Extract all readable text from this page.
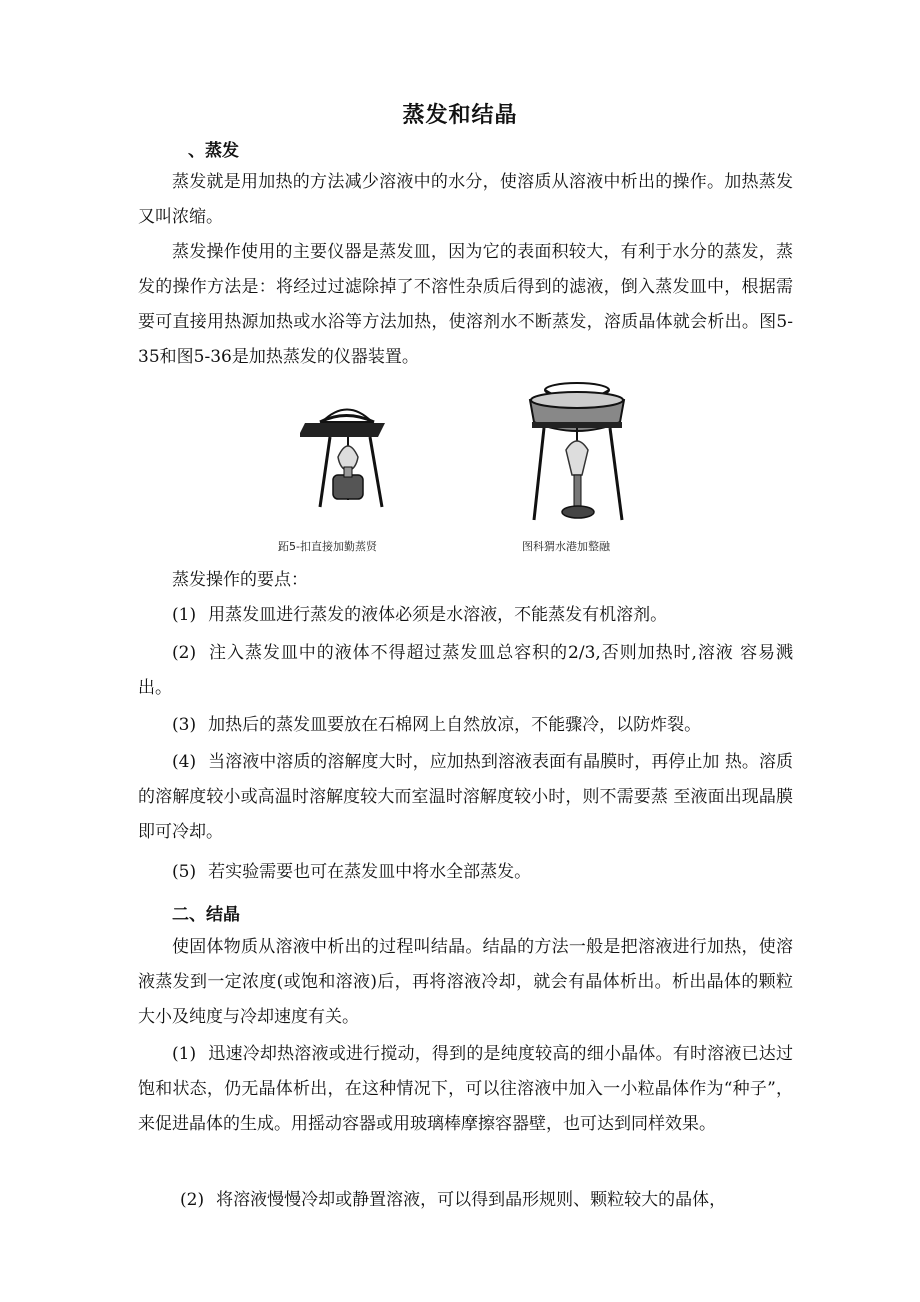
蒸发和结晶
、蒸发

蒸发就是用加热的方法减少溶液中的水分，使溶质从溶液中析出的操作。加热蒸发又叫浓缩。

蒸发操作使用的主要仪器是蒸发皿，因为它的表面积较大，有利于水分的蒸发，蒸发的操作方法是：将经过过滤除掉了不溶性杂质后得到的滤液，倒入蒸发皿中，根据需要可直接用热源加热或水浴等方法加热，使溶剂水不断蒸发，溶质晶体就会析出。图5-35和图5-36是加热蒸发的仪器装置。

跖5-扣直接加勤蒸贤	图科猬水港加整融

蒸发操作的要点：

(1) 用蒸发皿进行蒸发的液体必须是水溶液，不能蒸发有机溶剂。

(2) 注入蒸发皿中的液体不得超过蒸发皿总容积的2/3,否则加热时,溶液 容易溅出。

(3) 加热后的蒸发皿要放在石棉网上自然放凉，不能骤冷，以防炸裂。

(4) 当溶液中溶质的溶解度大时，应加热到溶液表面有晶膜时，再停止加 热。溶质的溶解度较小或高温时溶解度较大而室温时溶解度较小时，则不需要蒸 至液面出现晶膜即可冷却。

(5) 若实验需要也可在蒸发皿中将水全部蒸发。

二、结晶

使固体物质从溶液中析出的过程叫结晶。结晶的方法一般是把溶液进行加热，使溶液蒸发到一定浓度(或饱和溶液)后，再将溶液冷却，就会有晶体析出。析出晶体的颗粒大小及纯度与冷却速度有关。

(1) 迅速冷却热溶液或进行搅动，得到的是纯度较高的细小晶体。有时溶液已达过饱和状态，仍无晶体析出，在这种情况下，可以往溶液中加入一小粒晶体作为“种子”，来促进晶体的生成。用摇动容器或用玻璃棒摩擦容器壁，也可达到同样效果。

(2) 将溶液慢慢冷却或静置溶液，可以得到晶形规则、颗粒较大的晶体，
